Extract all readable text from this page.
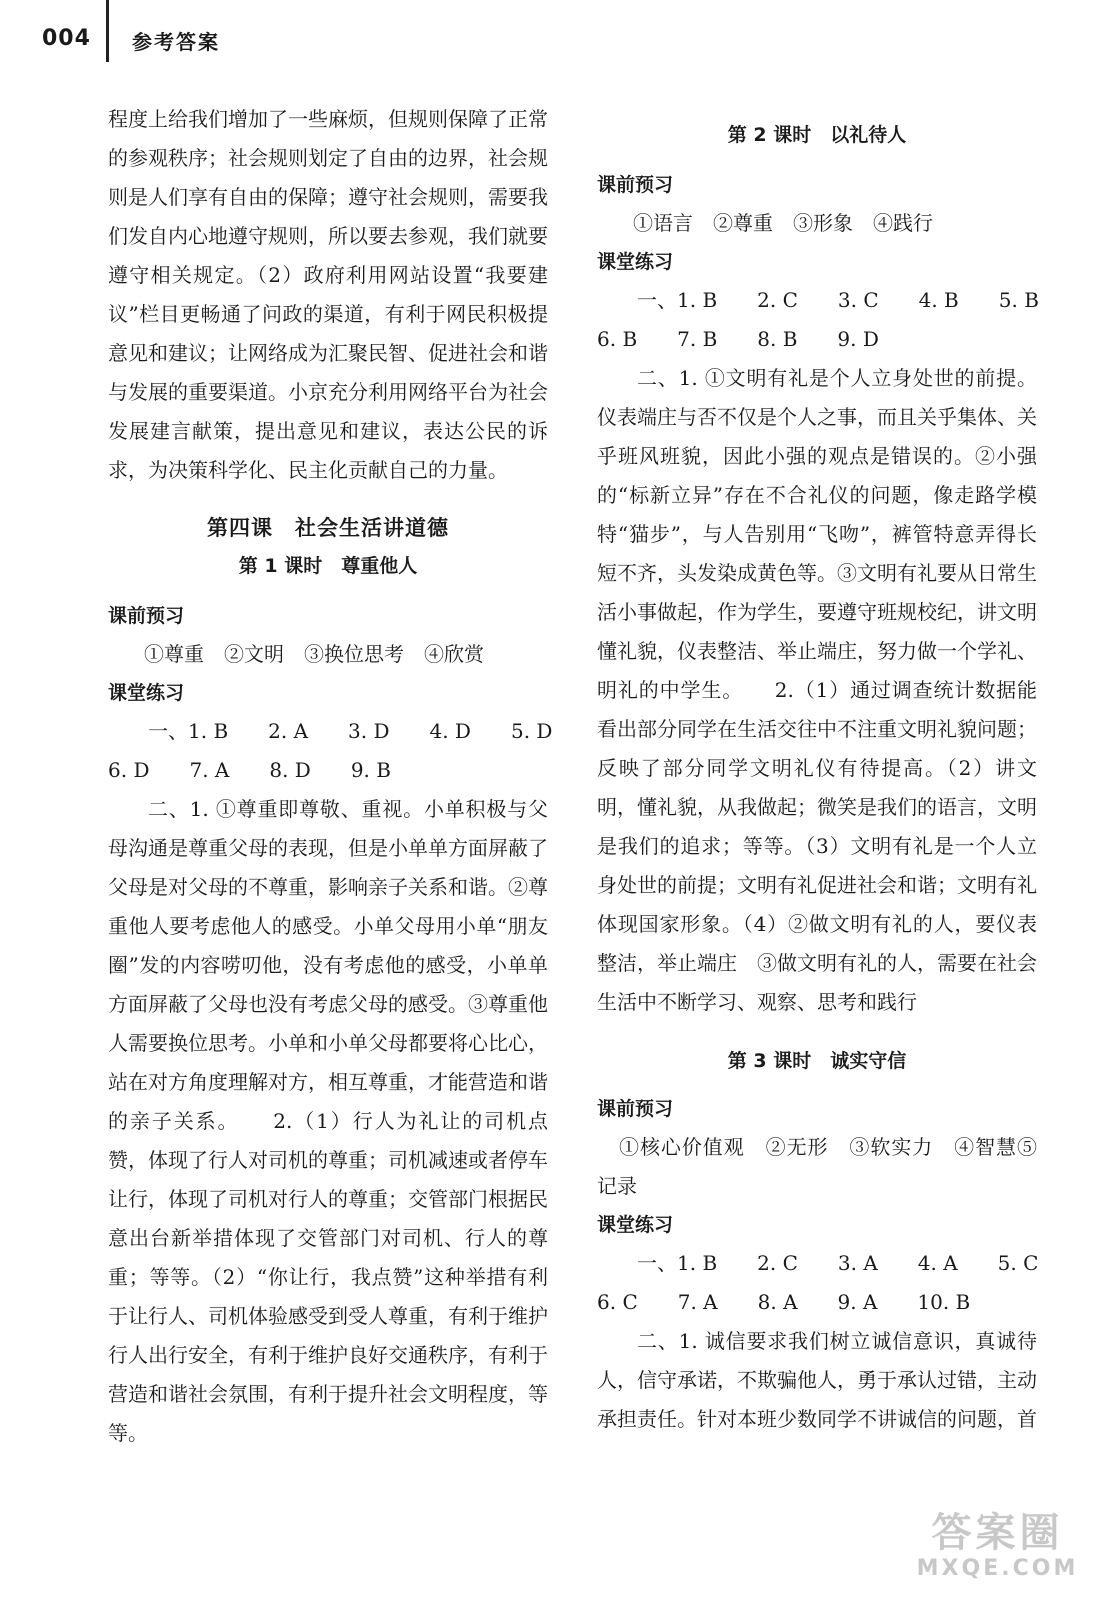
004 参考答案

程度上给我们增加了一些麻烦，但规则保障了正常的参观秩序；社会规则划定了自由的边界，社会规则是人们享有自由的保障；遵守社会规则，需要我们发自内心地遵守规则，所以要去参观，我们就要遵守相关规定。（2）政府利用网站设置“我要建议”栏目更畅通了问政的渠道，有利于网民积极提意见和建议；让网络成为汇聚民智、促进社会和谐与发展的重要渠道。小京充分利用网络平台为社会发展建言献策，提出意见和建议，表达公民的诉求，为决策科学化、民主化贡献自己的力量。

第四课　社会生活讲道德

第 1 课时　尊重他人

课前预习

①尊重　②文明　③换位思考　④欣赏

课堂练习

一、1. B　　2. A　　3. D　　4. D　　5. D

6. D　　7. A　　8. D　　9. B

二、1. ①尊重即尊敬、重视。小单积极与父母沟通是尊重父母的表现，但是小单单方面屏蔽了父母是对父母的不尊重，影响亲子关系和谐。②尊重他人要考虑他人的感受。小单父母用小单“朋友圈”发的内容唠叨他，没有考虑他的感受，小单单方面屏蔽了父母也没有考虑父母的感受。③尊重他人需要换位思考。小单和小单父母都要将心比心，站在对方角度理解对方，相互尊重，才能营造和谐的亲子关系。　　2.（1）行人为礼让的司机点赞，体现了行人对司机的尊重；司机减速或者停车让行，体现了司机对行人的尊重；交管部门根据民意出台新举措体现了交管部门对司机、行人的尊重；等等。（2）“你让行，我点赞”这种举措有利于让行人、司机体验感受到受人尊重，有利于维护行人出行安全，有利于维护良好交通秩序，有利于营造和谐社会氛围，有利于提升社会文明程度，等等。

第 2 课时　以礼待人

课前预习

①语言　②尊重　③形象　④践行

课堂练习

一、1. B　　2. C　　3. C　　4. B　　5. B

6. B　　7. B　　8. B　　9. D

二、1. ①文明有礼是个人立身处世的前提。仪表端庄与否不仅是个人之事，而且关乎集体、关乎班风班貌，因此小强的观点是错误的。②小强的“标新立异”存在不合礼仪的问题，像走路学模特“猫步”，与人告别用“飞吻”，裤管特意弄得长短不齐，头发染成黄色等。③文明有礼要从日常生活小事做起，作为学生，要遵守班规校纪，讲文明懂礼貌，仪表整洁、举止端庄，努力做一个学礼、明礼的中学生。　　2.（1）通过调查统计数据能看出部分同学在生活交往中不注重文明礼貌问题；反映了部分同学文明礼仪有待提高。（2）讲文明，懂礼貌，从我做起；微笑是我们的语言，文明是我们的追求；等等。（3）文明有礼是一个人立身处世的前提；文明有礼促进社会和谐；文明有礼体现国家形象。（4）②做文明有礼的人，要仪表整洁，举止端庄　③做文明有礼的人，需要在社会生活中不断学习、观察、思考和践行

第 3 课时　诚实守信

课前预习

①核心价值观　②无形　③软实力　④智慧⑤记录

课堂练习

一、1. B　　2. C　　3. A　　4. A　　5. C

6. C　　7. A　　8. A　　9. A　　10. B

二、1. 诚信要求我们树立诚信意识，真诚待人，信守承诺，不欺骗他人，勇于承认过错，主动承担责任。针对本班少数同学不讲诚信的问题，首

答案圈
MXQE.COM
